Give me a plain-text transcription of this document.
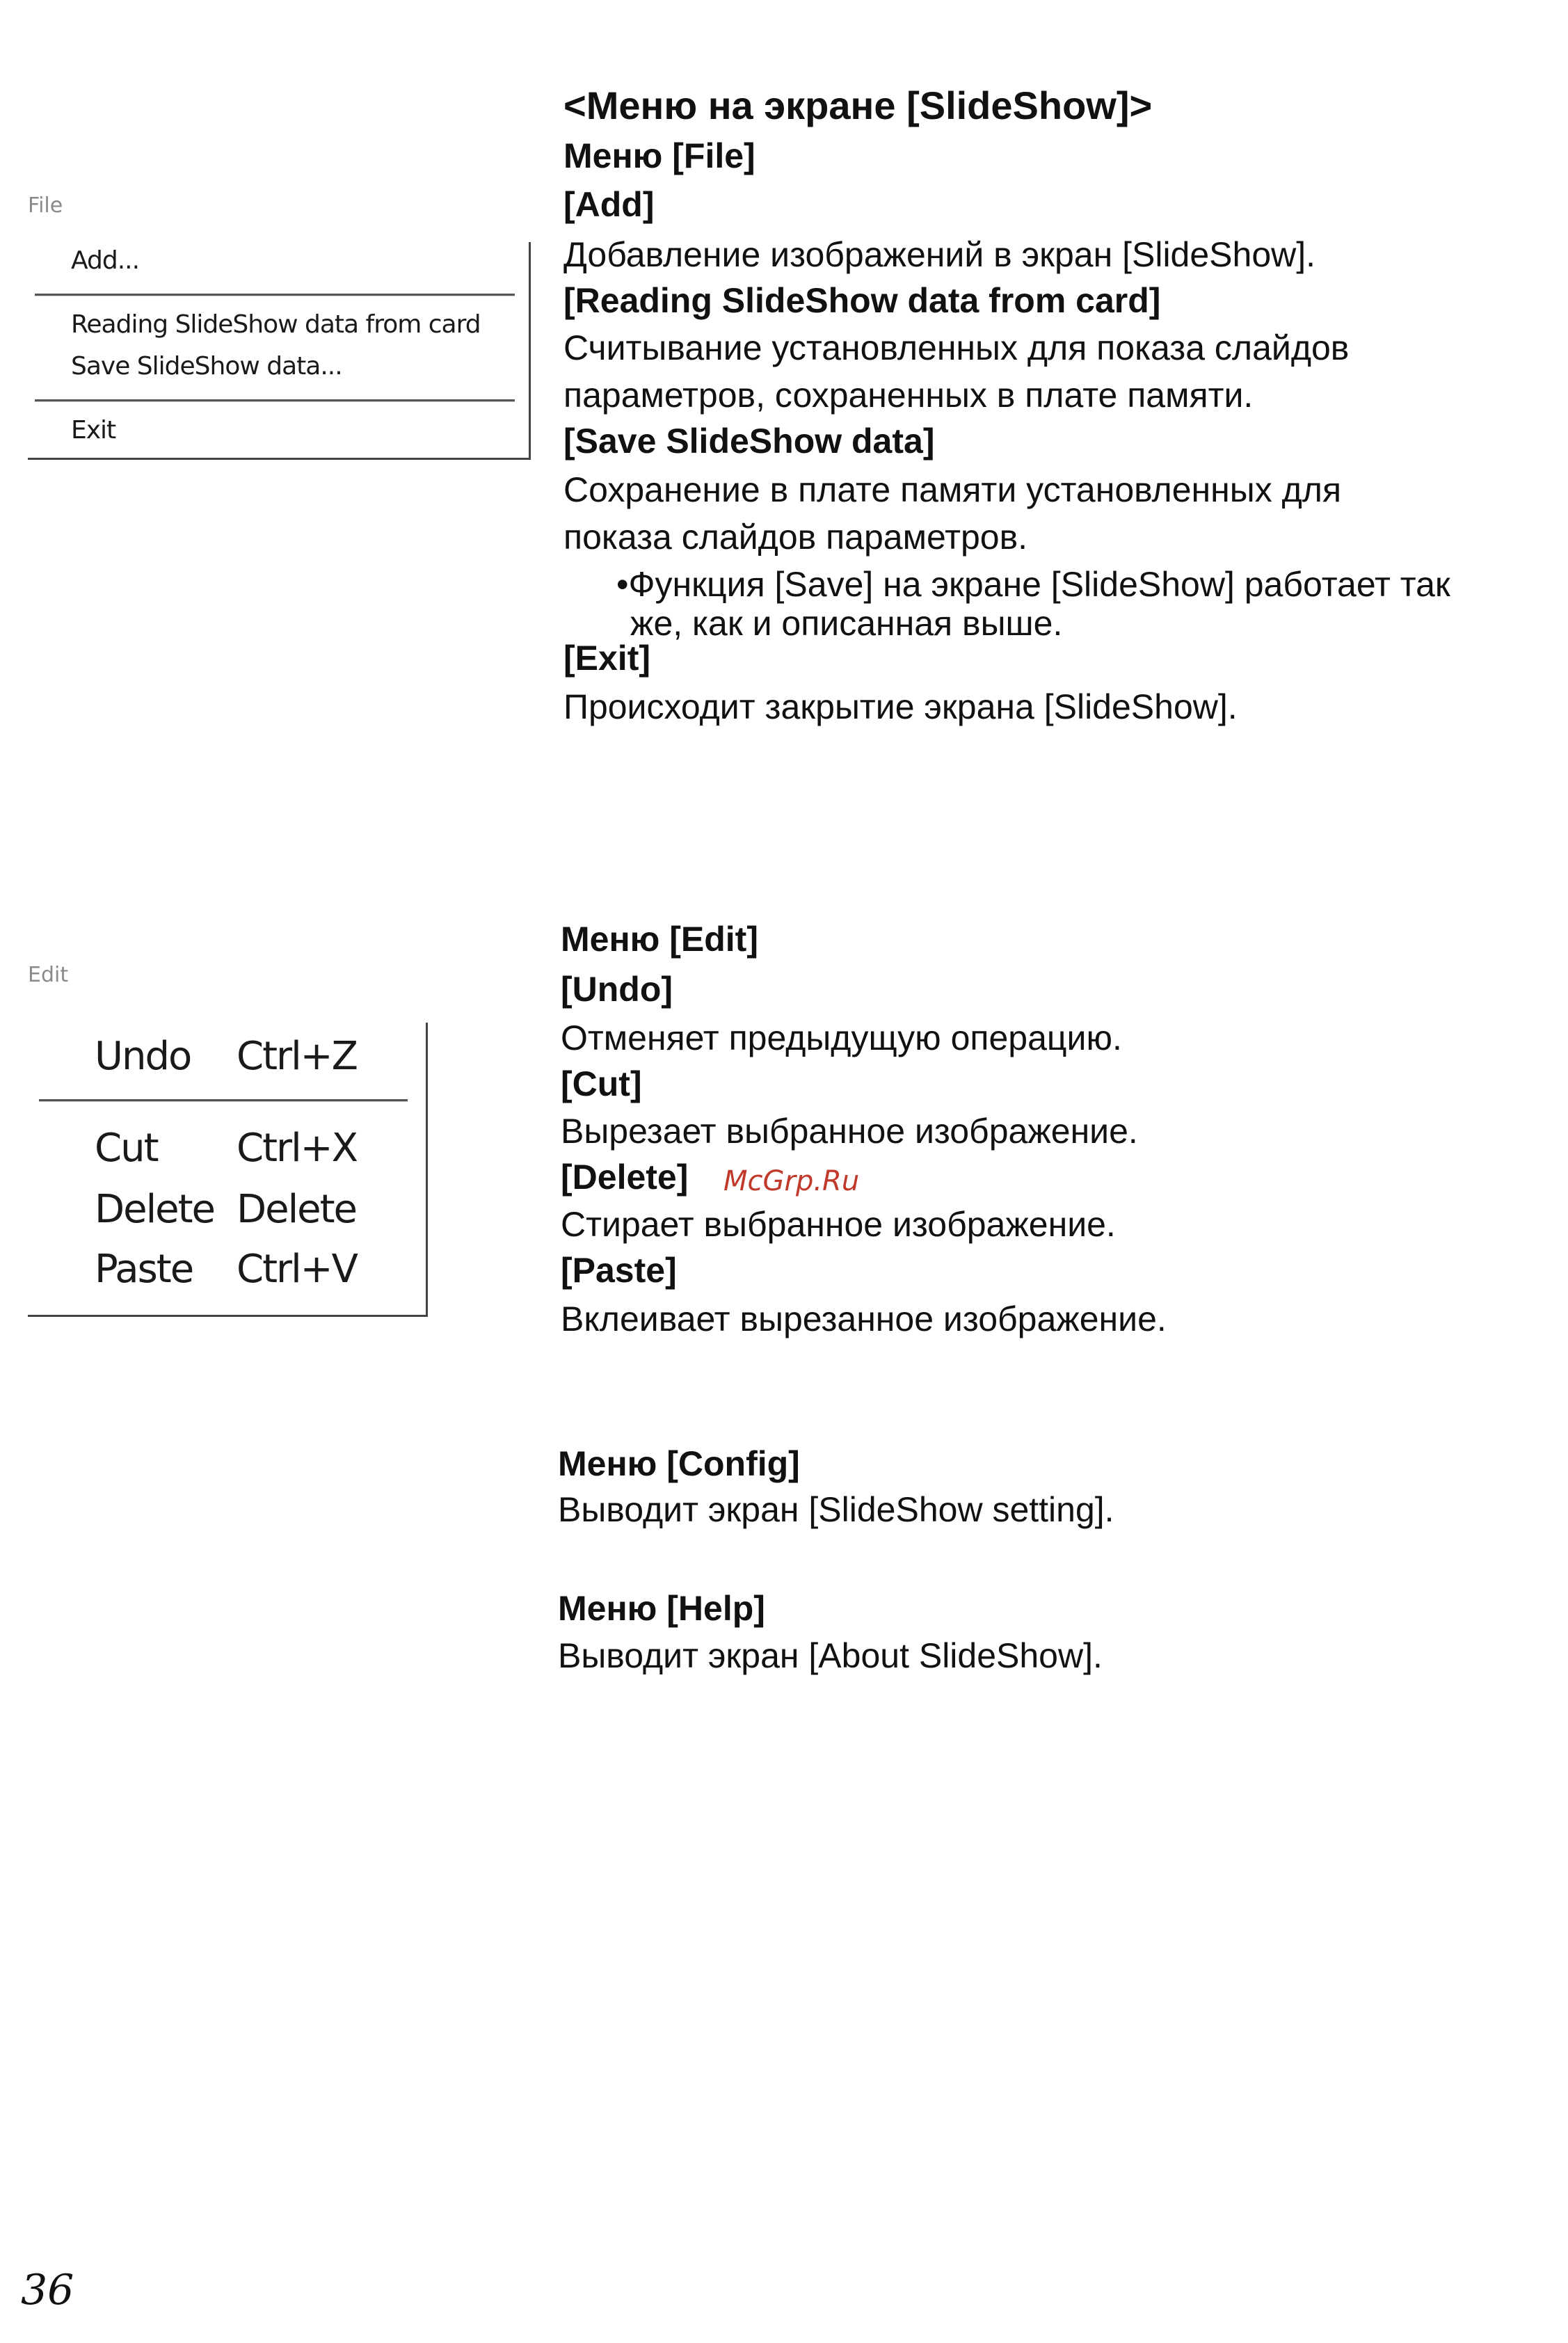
File
Add...
Reading SlideShow data from card
Save SlideShow data...
Exit
Edit
Undo Ctrl+Z
Cut Ctrl+X
Delete Delete
Paste Ctrl+V
<Меню на экране [SlideShow]>
Меню [File]
[Add]
Добавление изображений в экран [SlideShow].
[Reading SlideShow data from card]
Считывание установленных для показа слайдов
параметров, сохраненных в плате памяти.
[Save SlideShow data]
Сохранение в плате памяти установленных для
показа слайдов параметров.
•Функция [Save] на экране [SlideShow] работает так
же, как и описанная выше.
[Exit]
Происходит закрытие экрана [SlideShow].
Меню [Edit]
[Undo]
Отменяет предыдущую операцию.
[Cut]
Вырезает выбранное изображение.
[Delete] McGrp.Ru
Стирает выбранное изображение.
[Paste]
Вклеивает вырезанное изображение.
Меню [Config]
Выводит экран [SlideShow setting].
Меню [Help]
Выводит экран [About SlideShow].
36
